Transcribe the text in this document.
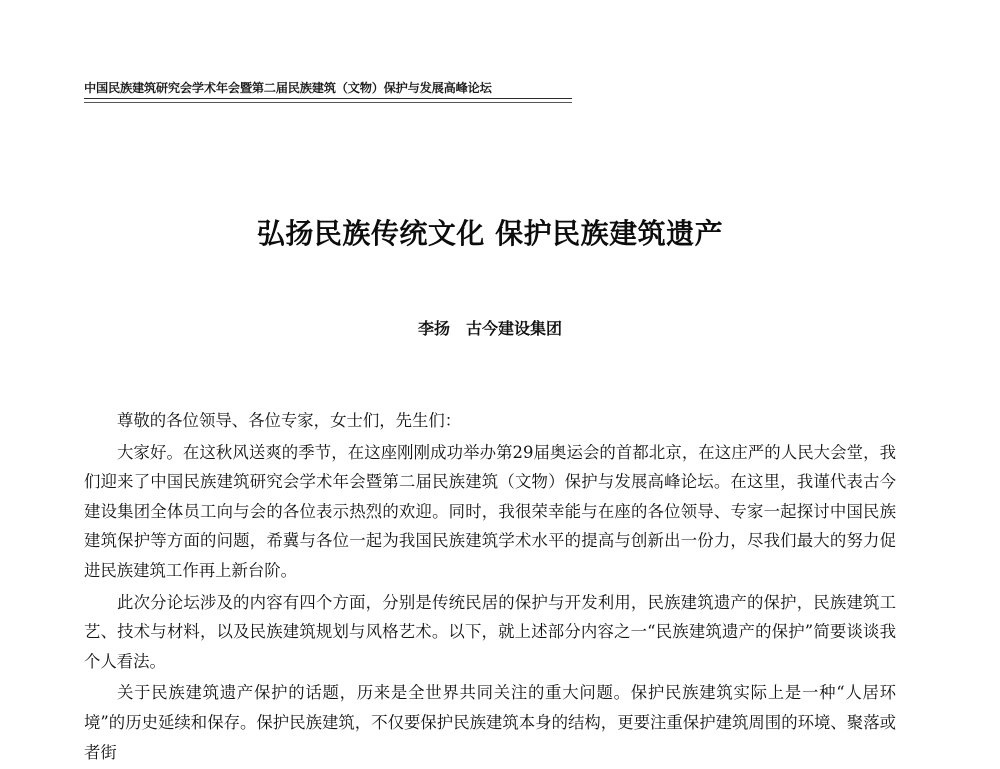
中国民族建筑研究会学术年会暨第二届民族建筑（文物）保护与发展高峰论坛
弘扬民族传统文化 保护民族建筑遗产
李扬 古今建设集团

尊敬的各位领导、各位专家，女士们，先生们：

大家好。在这秋风送爽的季节，在这座刚刚成功举办第29届奥运会的首都北京，在这庄严的人民大会堂，我们迎来了中国民族建筑研究会学术年会暨第二届民族建筑（文物）保护与发展高峰论坛。在这里，我谨代表古今建设集团全体员工向与会的各位表示热烈的欢迎。同时，我很荣幸能与在座的各位领导、专家一起探讨中国民族建筑保护等方面的问题，希冀与各位一起为我国民族建筑学术水平的提高与创新出一份力，尽我们最大的努力促进民族建筑工作再上新台阶。

此次分论坛涉及的内容有四个方面，分别是传统民居的保护与开发利用，民族建筑遗产的保护，民族建筑工艺、技术与材料，以及民族建筑规划与风格艺术。以下，就上述部分内容之一“民族建筑遗产的保护”简要谈谈我个人看法。

关于民族建筑遗产保护的话题，历来是全世界共同关注的重大问题。保护民族建筑实际上是一种“人居环境”的历史延续和保存。保护民族建筑，不仅要保护民族建筑本身的结构，更要注重保护建筑周围的环境、聚落或者街
